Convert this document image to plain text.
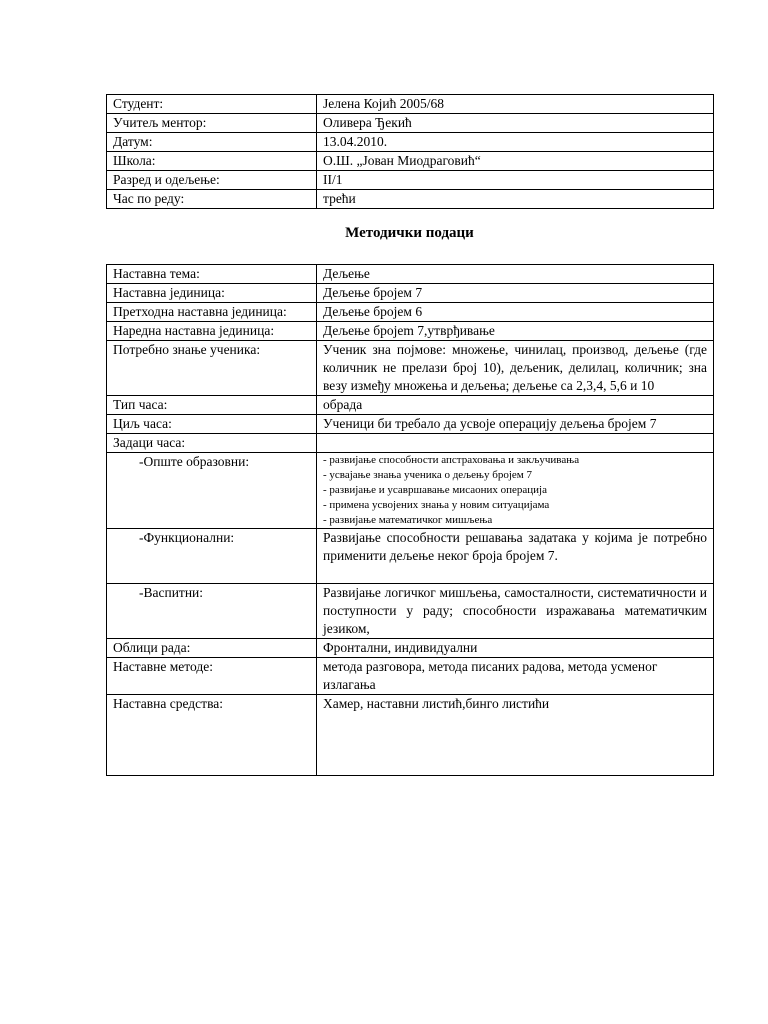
Студент:	Јелена Којић 2005/68
Учитељ ментор:	Оливера Ђекић
Датум:	13.04.2010.
Школа:	О.Ш. „Јован Миодраговић“
Разред и одељење:	II/1
Час по реду:	трећи
Методички подаци
Наставна тема:	Дељење
Наставна јединица:	Дељење бројем 7
Претходна наставна јединица:	Дељење бројем 6
Наредна наставна јединица:	Дељење бројеm 7,утврђивање
Потребно знање ученика:	Ученик зна појмове: множење, чинилац, производ, дељење (где количник не прелази број 10), дељеник, делилац, количник; зна везу између множења и дељења; дељење са 2,3,4, 5,6 и 10
Тип часа:	обрада
Циљ часа:	Ученици би требало да усвоје операцију дељења бројем 7
Задаци часа:	
-Опште образовни:	- развијање способности апстраховања и закључивања
- усвајање знања ученика о дељењу бројем 7
- развијање и усавршавање мисаоних операција
- примена усвојених знања у новим ситуацијама
- развијање математичког мишљења

-Функционални:	Развијање способности решавања задатака у којима је потребно применити дељење неког броја бројем 7.
-Васпитни:	Развијање логичког мишљења, самосталности, систематичности и поступности у раду; способности изражавања математичким језиком,
Облици рада:	Фронтални, индивидуални
Наставне методе:	метода разговора, метода писаних радова, метода усменог излагања
Наставна средства:	Хамер, наставни листић,бинго листићи
